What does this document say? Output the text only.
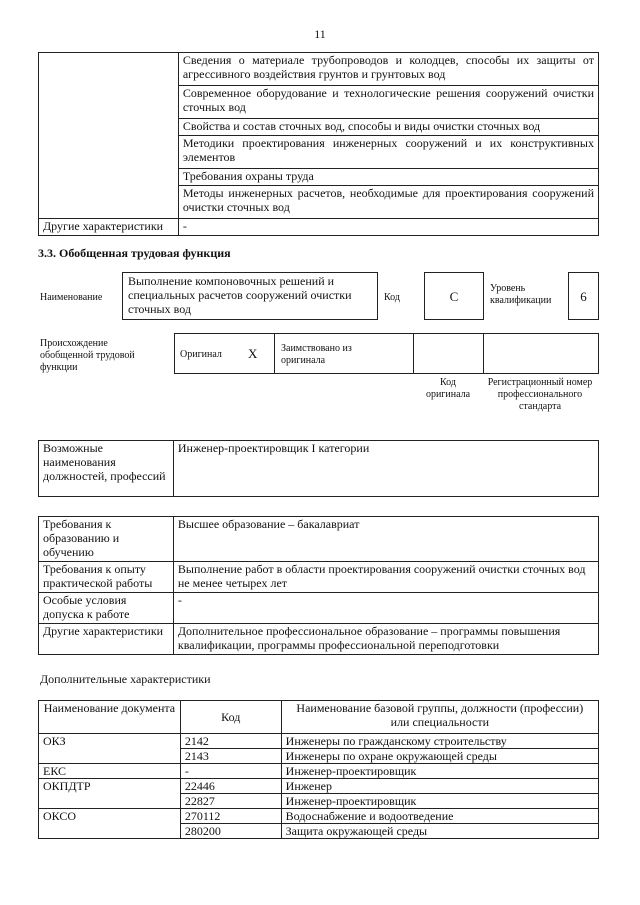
11
	Сведения о материале трубопроводов и колодцев, способы их защиты от агрессивного воздействия грунтов и грунтовых вод
	Современное оборудование и технологические решения сооружений очистки сточных вод
	Свойства и состав сточных вод, способы и виды очистки сточных вод
	Методики проектирования инженерных сооружений и их конструктивных элементов
	Требования охраны труда
	Методы инженерных расчетов, необходимые для проектирования сооружений очистки сточных вод
Другие характеристики	-
3.3. Обобщенная трудовая функция
Наименование
Выполнение компоновочных решений и специальных расчетов сооружений очистки сточных вод
Код	C
Уровень квалификации	6
Происхождение обобщенной трудовой функции
Оригинал X Заимствовано из оригинала
Код оригинала
Регистрационный номер профессионального стандарта
Возможные наименования должностей, профессий	Инженер-проектировщик I категории
Требования к образованию и обучению	Высшее образование – бакалавриат
Требования к опыту практической работы	Выполнение работ в области проектирования сооружений очистки сточных вод не менее четырех лет
Особые условия допуска к работе	-
Другие характеристики	Дополнительное профессиональное образование – программы повышения квалификации, программы профессиональной переподготовки
Дополнительные характеристики
Наименование документа	Код	Наименование базовой группы, должности (профессии) или специальности
ОКЗ	2142	Инженеры по гражданскому строительству
	2143	Инженеры по охране окружающей среды
ЕКС	-	Инженер-проектировщик
ОКПДТР	22446	Инженер
	22827	Инженер-проектировщик
ОКСО	270112	Водоснабжение и водоотведение
	280200	Защита окружающей среды
